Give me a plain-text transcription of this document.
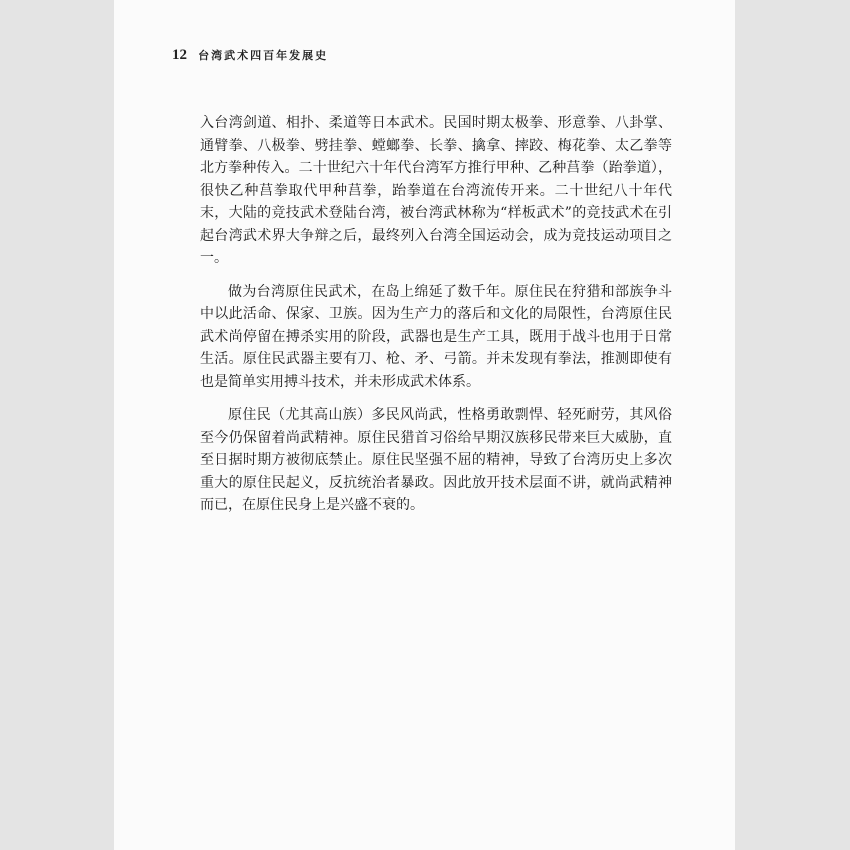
12 台湾武术四百年发展史

入台湾剑道、相扑、柔道等日本武术。民国时期太极拳、形意拳、八卦掌、通臂拳、八极拳、劈挂拳、螳螂拳、长拳、擒拿、摔跤、梅花拳、太乙拳等北方拳种传入。二十世纪六十年代台湾军方推行甲种、乙种莒拳（跆拳道），很快乙种莒拳取代甲种莒拳，跆拳道在台湾流传开来。二十世纪八十年代末，大陆的竞技武术登陆台湾，被台湾武林称为“样板武术”的竞技武术在引起台湾武术界大争辩之后，最终列入台湾全国运动会，成为竞技运动项目之一。

做为台湾原住民武术，在岛上绵延了数千年。原住民在狩猎和部族争斗中以此活命、保家、卫族。因为生产力的落后和文化的局限性，台湾原住民武术尚停留在搏杀实用的阶段，武器也是生产工具，既用于战斗也用于日常生活。原住民武器主要有刀、枪、矛、弓箭。并未发现有拳法，推测即使有也是简单实用搏斗技术，并未形成武术体系。

原住民（尤其高山族）多民风尚武，性格勇敢剽悍、轻死耐劳，其风俗至今仍保留着尚武精神。原住民猎首习俗给早期汉族移民带来巨大威胁，直至日据时期方被彻底禁止。原住民坚强不屈的精神，导致了台湾历史上多次重大的原住民起义，反抗统治者暴政。因此放开技术层面不讲，就尚武精神而已，在原住民身上是兴盛不衰的。
